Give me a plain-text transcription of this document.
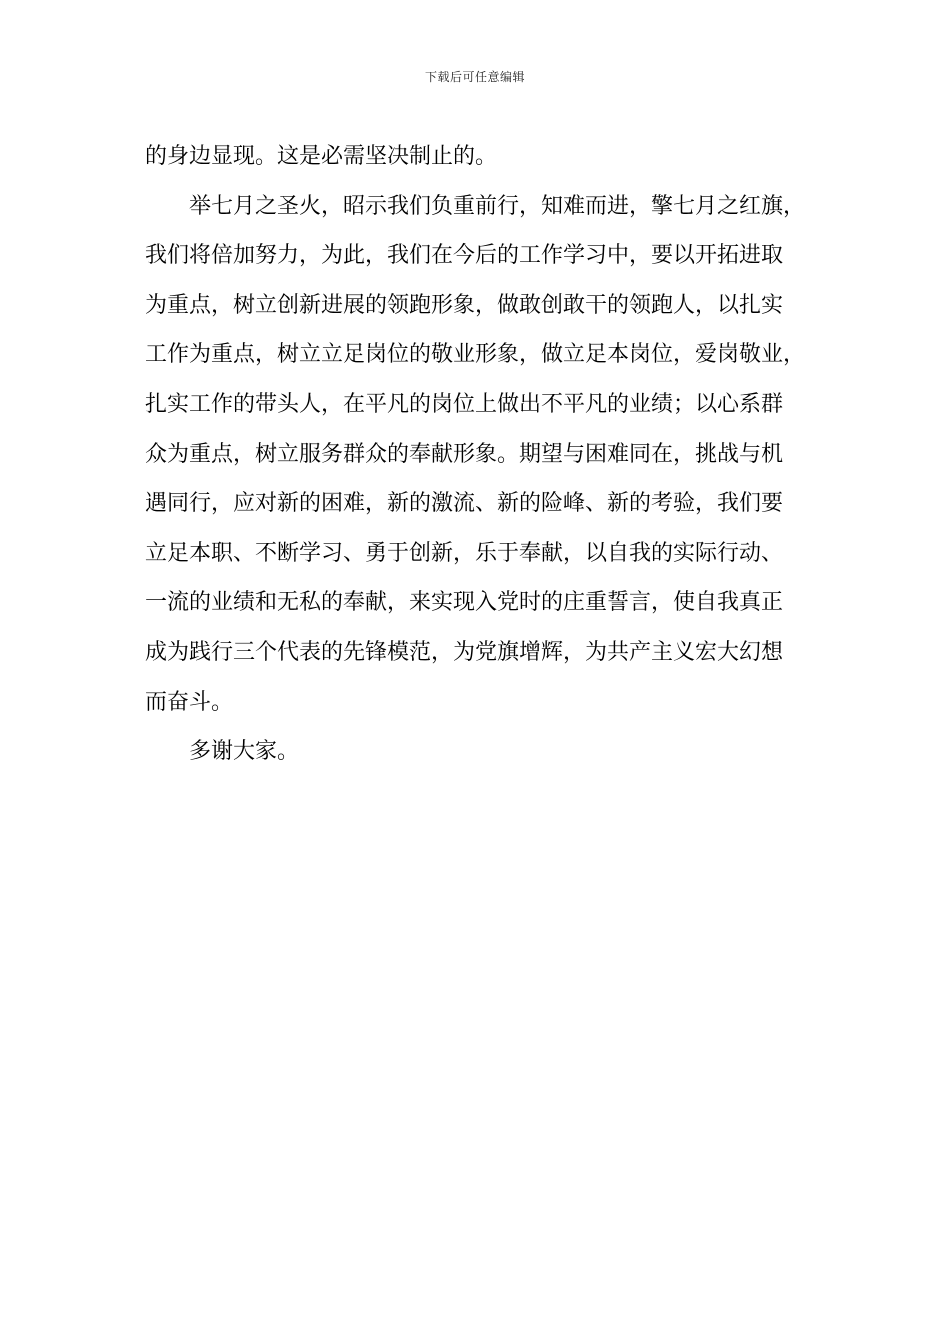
下载后可任意编辑
的身边显现。这是必需坚决制止的。
举七月之圣火，昭示我们负重前行，知难而进，擎七月之红旗，
我们将倍加努力，为此，我们在今后的工作学习中，要以开拓进取
为重点，树立创新进展的领跑形象，做敢创敢干的领跑人，以扎实
工作为重点，树立立足岗位的敬业形象，做立足本岗位，爱岗敬业，
扎实工作的带头人，在平凡的岗位上做出不平凡的业绩；以心系群
众为重点，树立服务群众的奉献形象。期望与困难同在，挑战与机
遇同行，应对新的困难，新的激流、新的险峰、新的考验，我们要
立足本职、不断学习、勇于创新，乐于奉献，以自我的实际行动、
一流的业绩和无私的奉献，来实现入党时的庄重誓言，使自我真正
成为践行三个代表的先锋模范，为党旗增辉，为共产主义宏大幻想
而奋斗。
多谢大家。
